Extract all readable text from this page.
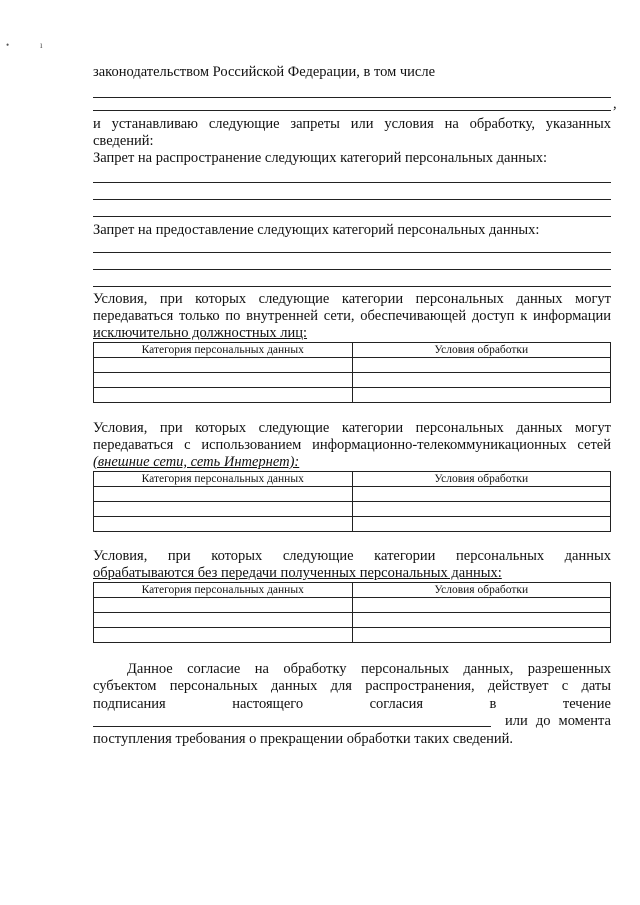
•	ı
законодательством Российской Федерации, в том числе
,
и устанавливаю следующие запреты или условия на обработку, указанных
сведений:
Запрет на распространение следующих категорий персональных данных:
Запрет на предоставление следующих категорий персональных данных:
Условия, при которых следующие категории персональных данных могут
передаваться только по внутренней сети, обеспечивающей доступ к информации
исключительно должностных лиц:
Категория персональных данных	Условия обработки

Условия, при которых следующие категории персональных данных могут
передаваться с использованием информационно-телекоммуникационных сетей
(внешние сети, сеть Интернет):
Категория персональных данных	Условия обработки

Условия, при которых следующие категории персональных данных
обрабатываются без передачи полученных персональных данных:
Категория персональных данных	Условия обработки

Данное согласие на обработку персональных данных, разрешенных
субъектом персональных данных для распространения, действует с даты
подписания настоящего согласия в течение
или до момента
поступления требования о прекращении обработки таких сведений.
